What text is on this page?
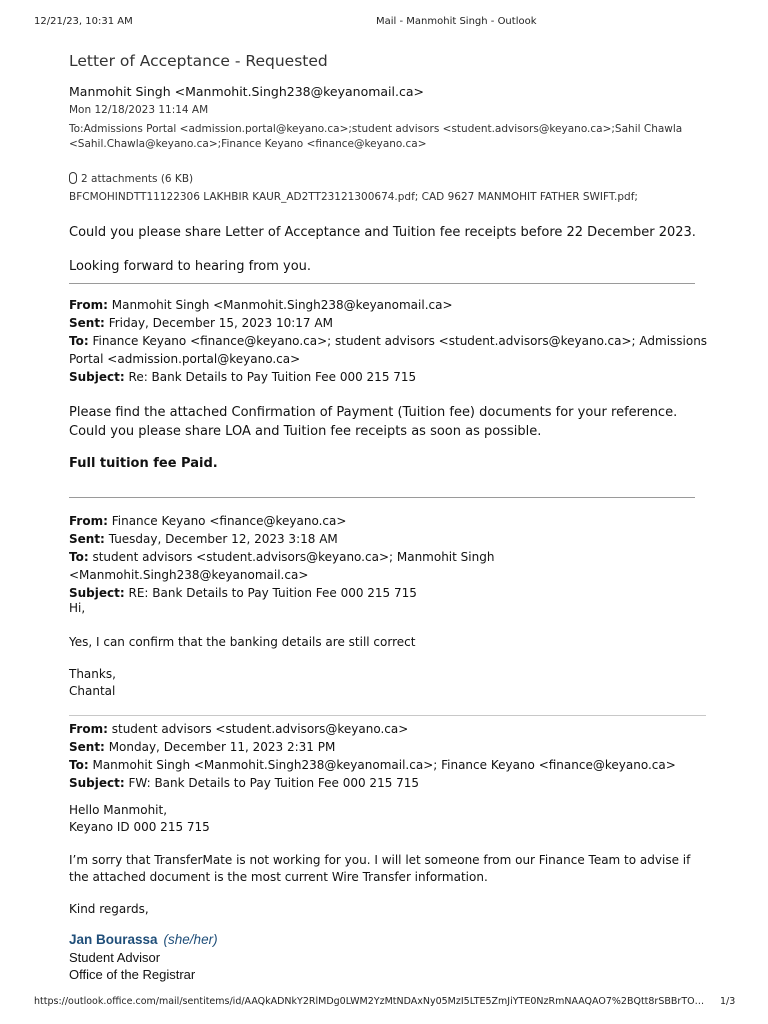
12/21/23, 10:31 AM	Mail - Manmohit Singh - Outlook
Letter of Acceptance - Requested
Manmohit Singh <Manmohit.Singh238@keyanomail.ca>
Mon 12/18/2023 11:14 AM
To:Admissions Portal <admission.portal@keyano.ca>;student advisors <student.advisors@keyano.ca>;Sahil Chawla <Sahil.Chawla@keyano.ca>;Finance Keyano <finance@keyano.ca>
2 attachments (6 KB)
BFCMOHINDTT11122306 LAKHBIR KAUR_AD2TT23121300674.pdf; CAD 9627 MANMOHIT FATHER SWIFT.pdf;
Could you please share Letter of Acceptance and Tuition fee receipts before 22 December 2023.
Looking forward to hearing from you.
From: Manmohit Singh <Manmohit.Singh238@keyanomail.ca>
Sent: Friday, December 15, 2023 10:17 AM
To: Finance Keyano <finance@keyano.ca>; student advisors <student.advisors@keyano.ca>; Admissions Portal <admission.portal@keyano.ca>
Subject: Re: Bank Details to Pay Tuition Fee 000 215 715
Please find the attached Confirmation of Payment (Tuition fee) documents for your reference. Could you please share LOA and Tuition fee receipts as soon as possible.
Full tuition fee Paid.
From: Finance Keyano <finance@keyano.ca>
Sent: Tuesday, December 12, 2023 3:18 AM
To: student advisors <student.advisors@keyano.ca>; Manmohit Singh <Manmohit.Singh238@keyanomail.ca>
Subject: RE: Bank Details to Pay Tuition Fee 000 215 715
Hi,
Yes, I can confirm that the banking details are still correct
Thanks,
Chantal
From: student advisors <student.advisors@keyano.ca>
Sent: Monday, December 11, 2023 2:31 PM
To: Manmohit Singh <Manmohit.Singh238@keyanomail.ca>; Finance Keyano <finance@keyano.ca>
Subject: FW: Bank Details to Pay Tuition Fee 000 215 715
Hello Manmohit,
Keyano ID 000 215 715
I’m sorry that TransferMate is not working for you. I will let someone from our Finance Team to advise if the attached document is the most current Wire Transfer information.
Kind regards,
Jan Bourassa (she/her)
Student Advisor
Office of the Registrar
https://outlook.office.com/mail/sentitems/id/AAQkADNkY2RlMDg0LWM2YzMtNDAxNy05MzI5LTE5ZmJiYTE0NzRmNAAQAO7%2BQtt8rSBBrTO… 1/3
